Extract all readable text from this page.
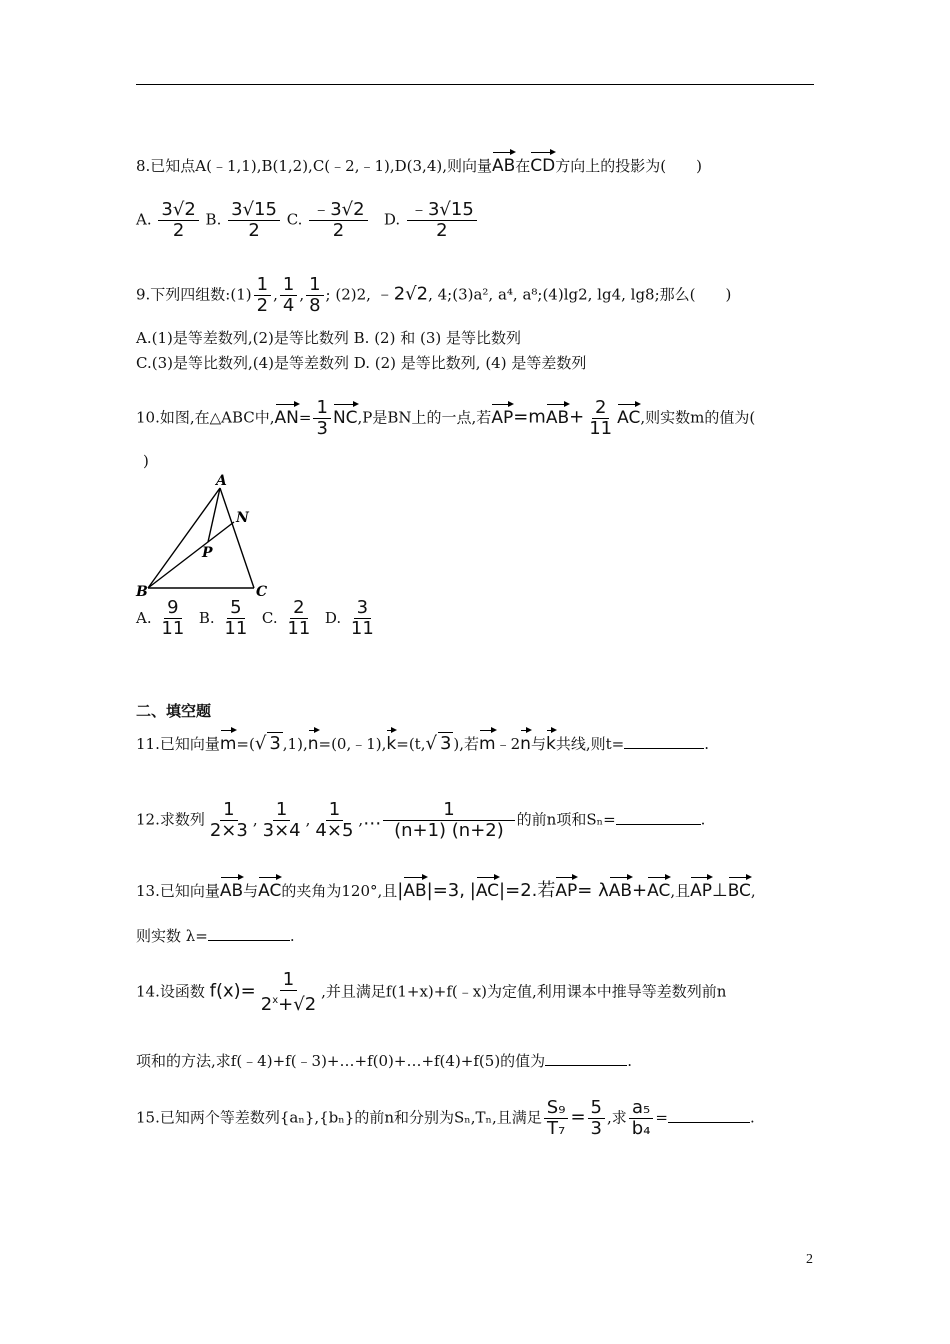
8.已知点A(﹣1,1),B(1,2),C(﹣2,﹣1),D(3,4),则向量AB在CD方向上的投影为(　　)
A. $\frac{3√2}{2} B$. $\frac{3√15}{2} C$. $\frac{﹣3√2}{2} D$. $\frac{﹣3√15}{2}$
9.下列四组数:(1) $\frac{1}{2}$ , $\frac{1}{4}$ , $\frac{1}{8}$ ; (2)2, ﹣2√2, 4;(3)a², a⁴, a⁸;(4)lg2, lg4, lg8;那么(　　)
A.(1)是等差数列,(2)是等比数列 B. (2) 和 (3) 是等比数列
C.(3)是等比数列,(4)是等差数列 D. (2) 是等比数列, (4) 是等差数列
10.如图,在△ABC中$,AN= \frac{1}{3} NC,P$是BN上的一点,若$AP=mAB+ \frac{2}{11}$ AC,则实数m的值为(
)
A
N
P
B	C
A. $\frac{9}{11} B$. $\frac{5}{11} C$. $\frac{2}{11} D$. $\frac{3}{11}$
二、填空题
11.已知向量m=(√ 3 ,1),n=(0,﹣1),k=(t,√ 3 ),若m﹣2n与k共线,则t=	.
12.求数列 $\frac{1}{2\times 3}$ , $\frac{1}{3\times 4}$ , $\frac{1}{4\times 5}$ ,… $\frac{1}{(n+1) (n+2)}$ 的前n项和Sₙ=	.
13.已知向量AB与AC的夹角为120°,且|AB|=3, |AC|=2.若AP= λAB+AC,且AP⊥BC,
则实数 λ=	.
14.设函数 $f(x)= \frac{1}{2^x+√2}$ ,并且满足f(1+x)+f(﹣x)为定值,利用课本中推导等差数列前n
项和的方法,求f(﹣4)+f(﹣3)+…+f(0)+…+f(4)+f(5)的值为	.
15.已知两个等差数列{aₙ},{bₙ}的前n和分别为Sₙ,Tₙ,且满足 $\frac{\text{S₉}}{\text{T₇}} = \frac{5}{3}$ ,求 $\frac{\text{a₅}}{\text{b₄}}$ =	.
2
